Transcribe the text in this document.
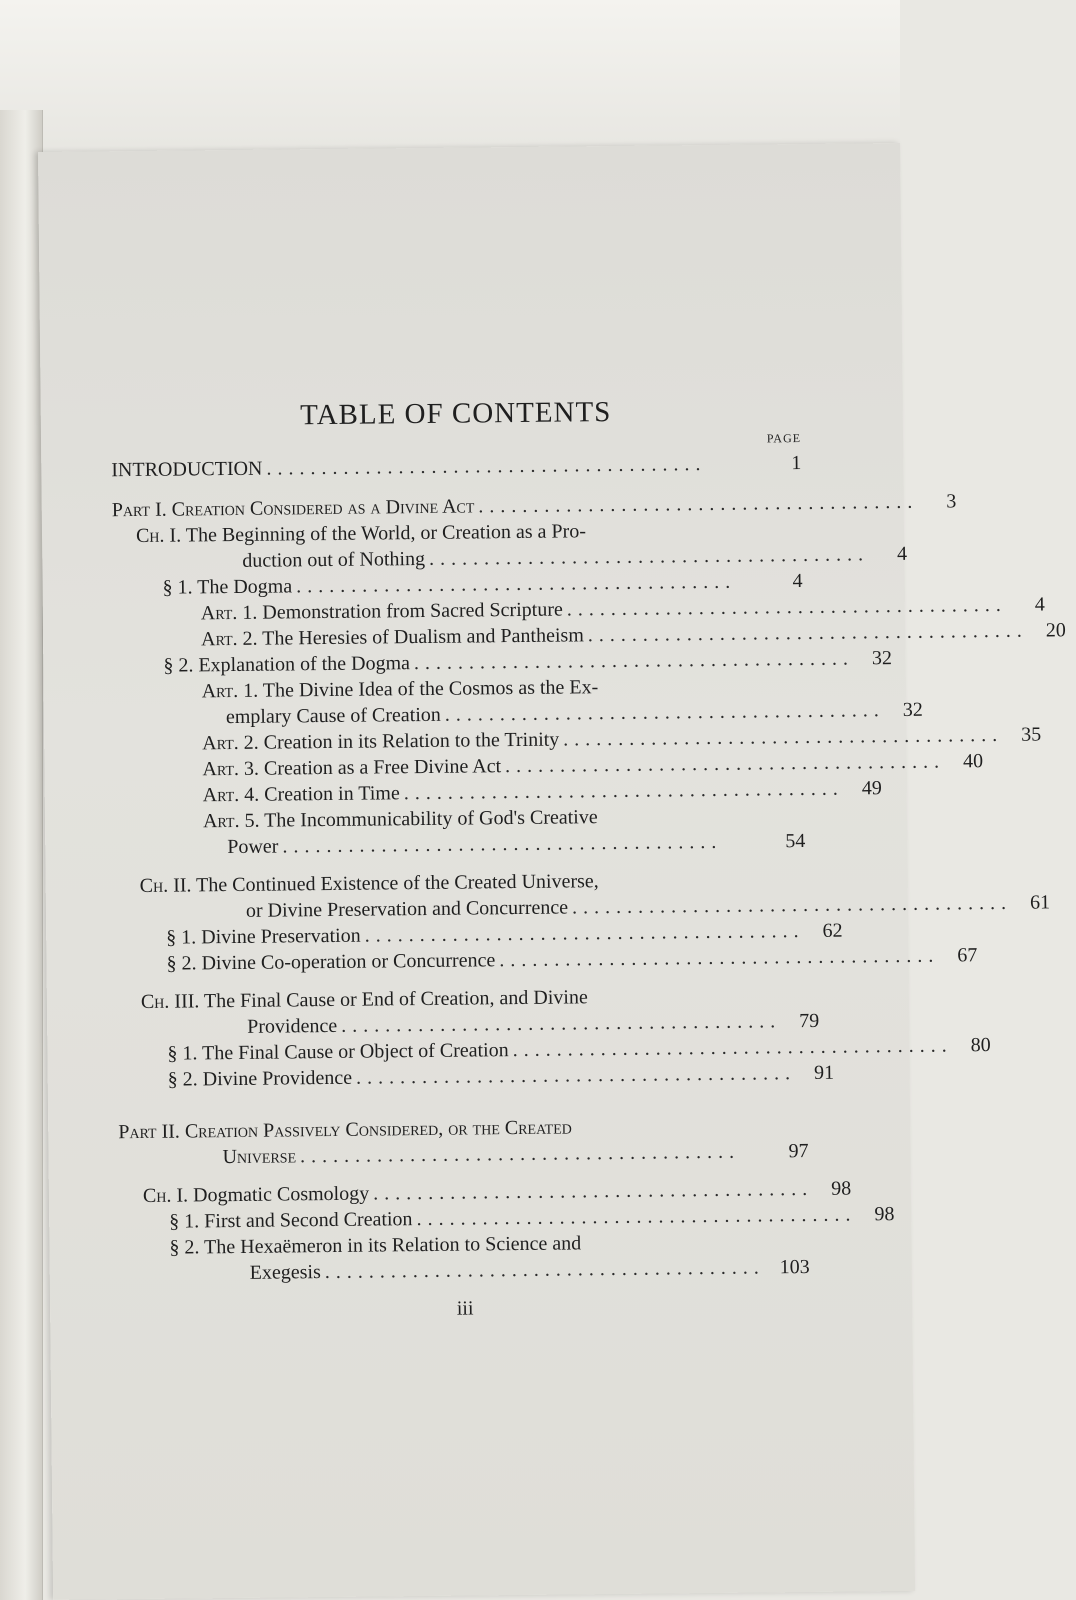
TABLE OF CONTENTS
PAGE
INTRODUCTION ........................................	1
Part I. Creation Considered as a Divine Act ........................................	3
Ch. I. The Beginning of the World, or Creation as a Pro-
duction out of Nothing ........................................	4
§ 1. The Dogma ........................................	4
Art. 1. Demonstration from Sacred Scripture ........................................	4
Art. 2. The Heresies of Dualism and Pantheism ........................................ 20
§ 2. Explanation of the Dogma ........................................ 32
Art. 1. The Divine Idea of the Cosmos as the Ex-
emplary Cause of Creation ........................................ 32
Art. 2. Creation in its Relation to the Trinity ........................................ 35
Art. 3. Creation as a Free Divine Act ........................................ 40
Art. 4. Creation in Time ........................................ 49
Art. 5. The Incommunicability of God's Creative
Power ........................................	54
Ch. II. The Continued Existence of the Created Universe,
or Divine Preservation and Concurrence ........................................ 61
§ 1. Divine Preservation ........................................ 62
§ 2. Divine Co-operation or Concurrence ........................................ 67
Ch. III. The Final Cause or End of Creation, and Divine
Providence ........................................ 79
§ 1. The Final Cause or Object of Creation ........................................ 80
§ 2. Divine Providence ........................................ 91
Part II. Creation Passively Considered, or the Created
Universe ........................................	97
Ch. I. Dogmatic Cosmology ........................................ 98
§ 1. First and Second Creation ........................................ 98
§ 2. The Hexaëmeron in its Relation to Science and
Exegesis ........................................ 103
iii
